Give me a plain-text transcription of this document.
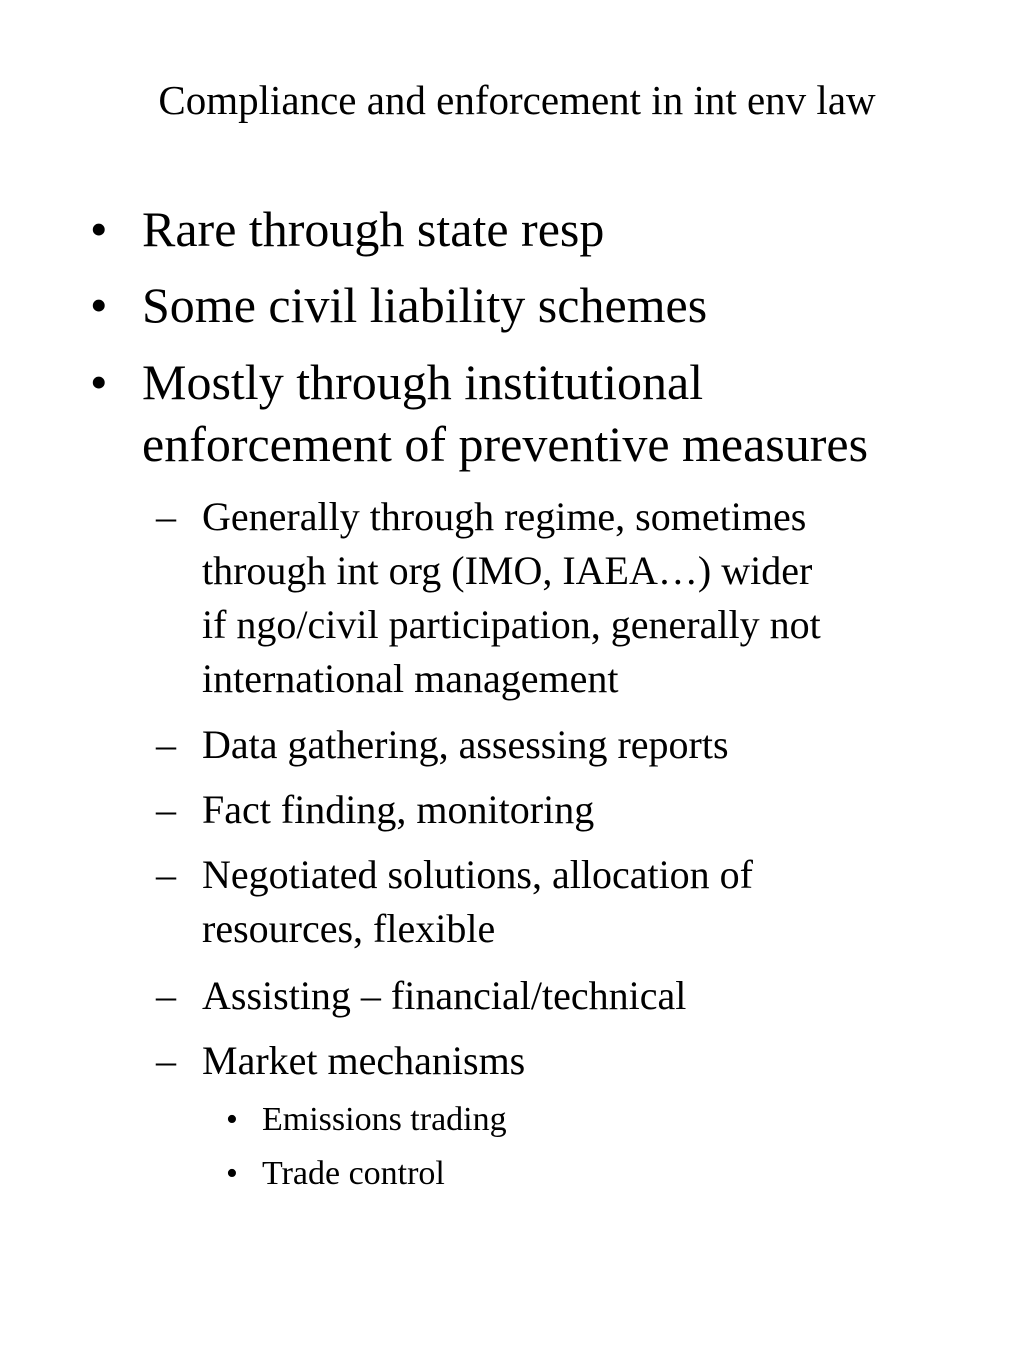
Compliance and enforcement in int env law
• Rare through state resp
• Some civil liability schemes
• Mostly through institutional
enforcement of preventive measures
– Generally through regime, sometimes
through int org (IMO, IAEA…) wider
if ngo/civil participation, generally not
international management
– Data gathering, assessing reports
– Fact finding, monitoring
– Negotiated solutions, allocation of
resources, flexible
– Assisting – financial/technical
– Market mechanisms
• Emissions trading
• Trade control
